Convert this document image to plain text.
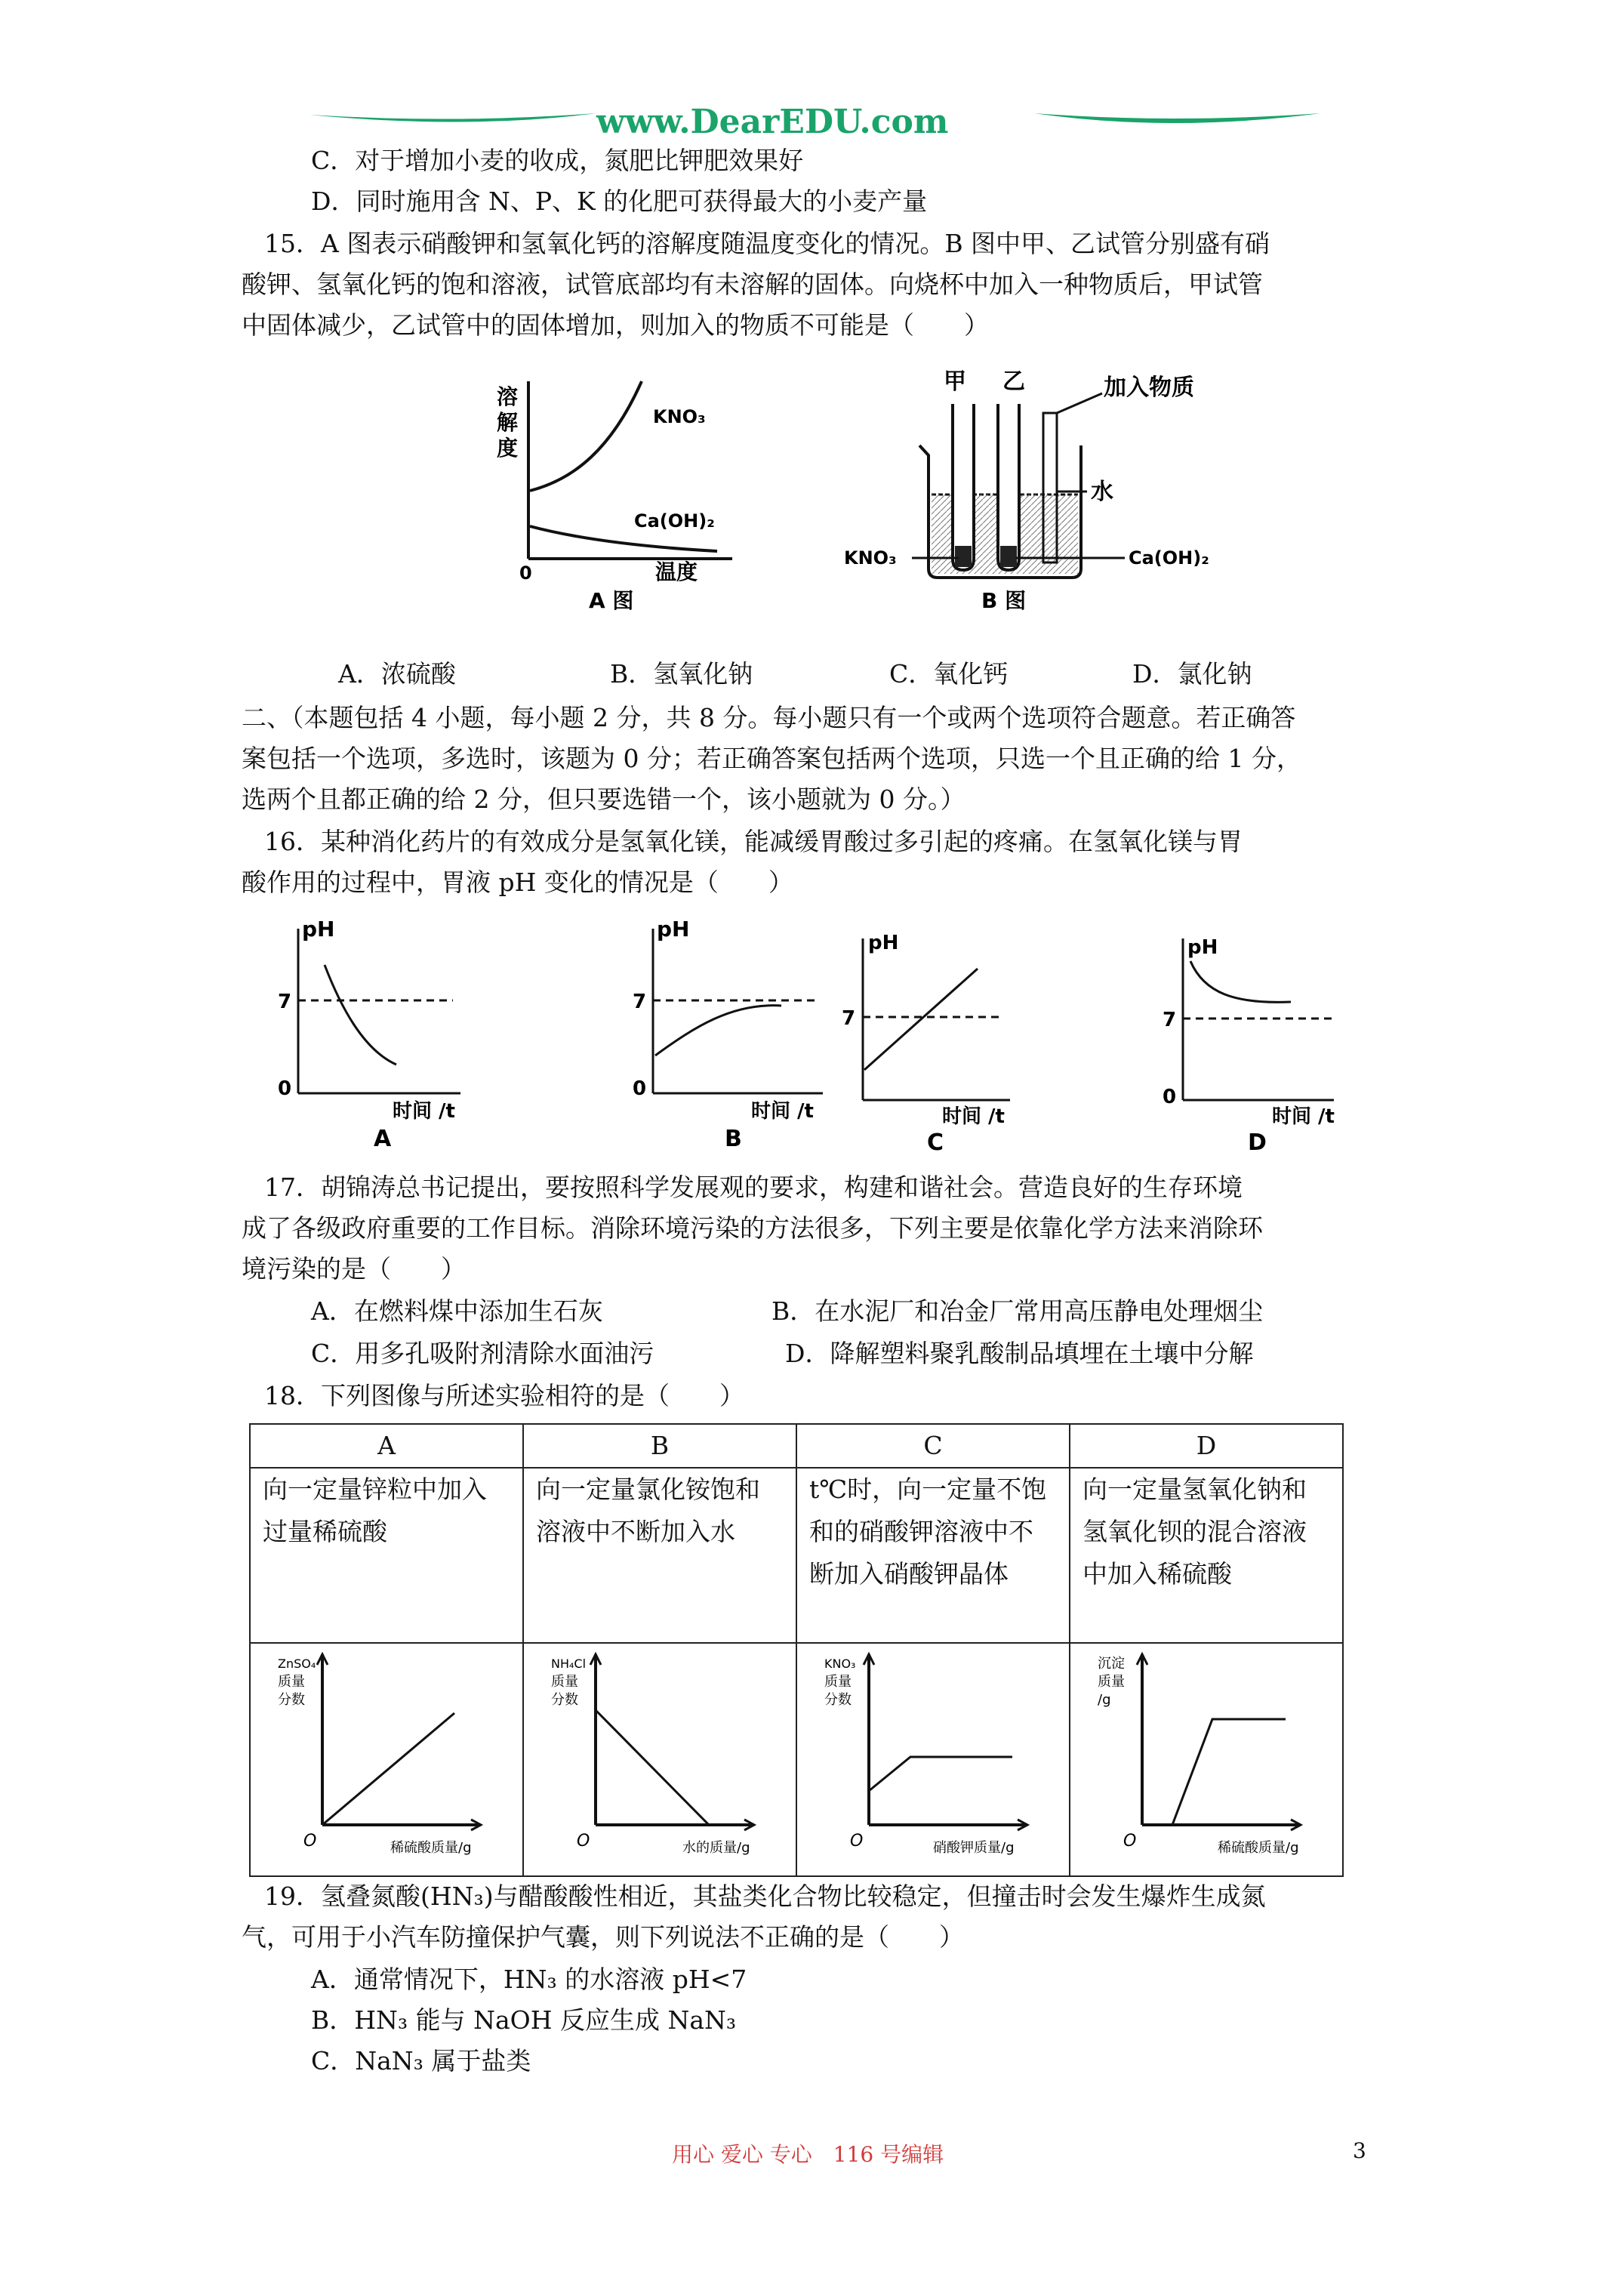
www.DearEDU.com
C．对于增加小麦的收成，氮肥比钾肥效果好
D．同时施用含 N、P、K 的化肥可获得最大的小麦产量
15．A 图表示硝酸钾和氢氧化钙的溶解度随温度变化的情况。B 图中甲、乙试管分别盛有硝
酸钾、氢氧化钙的饱和溶液，试管底部均有未溶解的固体。向烧杯中加入一种物质后，甲试管
中固体减少，乙试管中的固体增加，则加入的物质不可能是（　　）
溶
解
度
KNO₃
Ca(OH)₂
0	温度
A 图
甲 乙	加入物质
水
KNO₃	Ca(OH)₂
B 图
A．浓硫酸	B．氢氧化钠	C．氧化钙	D．氯化钠
二、（本题包括 4 小题，每小题 2 分，共 8 分。每小题只有一个或两个选项符合题意。若正确答
案包括一个选项，多选时，该题为 0 分；若正确答案包括两个选项，只选一个且正确的给 1 分，
选两个且都正确的给 2 分，但只要选错一个，该小题就为 0 分。）
16．某种消化药片的有效成分是氢氧化镁，能减缓胃酸过多引起的疼痛。在氢氧化镁与胃
酸作用的过程中，胃液 pH 变化的情况是（　　）
pH
7
0
时间 /t
A
pH
7
0
时间 /t
B
pH
7
时间 /t
C
pH
7
0
时间 /t
D
17．胡锦涛总书记提出，要按照科学发展观的要求，构建和谐社会。营造良好的生存环境
成了各级政府重要的工作目标。消除环境污染的方法很多，下列主要是依靠化学方法来消除环
境污染的是（　　）
A．在燃料煤中添加生石灰	B．在水泥厂和冶金厂常用高压静电处理烟尘
C．用多孔吸附剂清除水面油污	D．降解塑料聚乳酸制品填埋在土壤中分解
18．下列图像与所述实验相符的是（　　）
A	B	C	D
向一定量锌粒中加入过量稀硫酸	向一定量氯化铵饱和溶液中不断加入水	t℃时，向一定量不饱和的硝酸钾溶液中不断加入硝酸钾晶体	向一定量氢氧化钠和氢氧化钡的混合溶液中加入稀硫酸

ZnSO₄
质量
分数
O 稀硫酸质量/g	NH₄Cl
质量
分数
O 水的质量/g	KNO₃
质量
分数
O 硝酸钾质量/g	沉淀
质量
/g
O 稀硫酸质量/g
19．氢叠氮酸(HN₃)与醋酸酸性相近，其盐类化合物比较稳定，但撞击时会发生爆炸生成氮
气，可用于小汽车防撞保护气囊，则下列说法不正确的是（　　）
A．通常情况下，HN₃ 的水溶液 pH<7
B．HN₃ 能与 NaOH 反应生成 NaN₃
C．NaN₃ 属于盐类
用心 爱心 专心　116 号编辑	3
